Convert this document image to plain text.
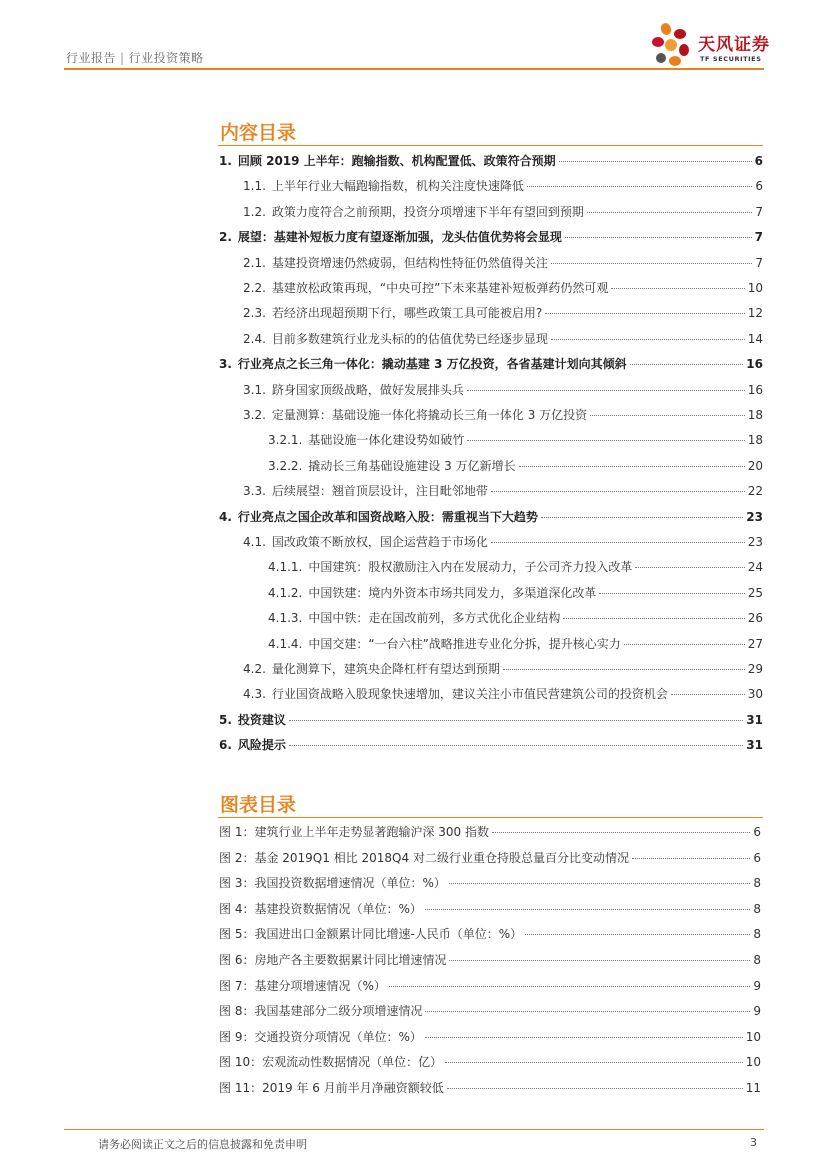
行业报告 | 行业投资策略
天风证券
TF SECURITIES
内容目录
1. 回顾 2019 上半年：跑输指数、机构配置低、政策符合预期	6
1.1. 上半年行业大幅跑输指数，机构关注度快速降低	6
1.2. 政策力度符合之前预期，投资分项增速下半年有望回到预期	7
2. 展望：基建补短板力度有望逐渐加强，龙头估值优势将会显现	7
2.1. 基建投资增速仍然疲弱，但结构性特征仍然值得关注	7
2.2. 基建放松政策再现，“中央可控”下未来基建补短板弹药仍然可观	10
2.3. 若经济出现超预期下行，哪些政策工具可能被启用?	12
2.4. 目前多数建筑行业龙头标的的估值优势已经逐步显现	14
3. 行业亮点之长三角一体化：撬动基建 3 万亿投资，各省基建计划向其倾斜	16
3.1. 跻身国家顶级战略，做好发展排头兵	16
3.2. 定量测算：基础设施一体化将撬动长三角一体化 3 万亿投资	18
3.2.1. 基础设施一体化建设势如破竹	18
3.2.2. 撬动长三角基础设施建设 3 万亿新增长	20
3.3. 后续展望：翘首顶层设计，注目毗邻地带	22
4. 行业亮点之国企改革和国资战略入股：需重视当下大趋势	23
4.1. 国改政策不断放权，国企运营趋于市场化	23
4.1.1. 中国建筑：股权激励注入内在发展动力，子公司齐力投入改革	24
4.1.2. 中国铁建：境内外资本市场共同发力，多渠道深化改革	25
4.1.3. 中国中铁：走在国改前列，多方式优化企业结构	26
4.1.4. 中国交建：“一台六柱”战略推进专业化分拆，提升核心实力	27
4.2. 量化测算下，建筑央企降杠杆有望达到预期	29
4.3. 行业国资战略入股现象快速增加，建议关注小市值民营建筑公司的投资机会	30
5. 投资建议	31
6. 风险提示	31
图表目录
图 1： 建筑行业上半年走势显著跑输沪深 300 指数	6
图 2： 基金 2019Q1 相比 2018Q4 对二级行业重仓持股总量百分比变动情况	6
图 3： 我国投资数据增速情况（单位：%）	8
图 4： 基建投资数据情况（单位：%）	8
图 5： 我国进出口金额累计同比增速-人民币（单位：%）	8
图 6： 房地产各主要数据累计同比增速情况	8
图 7： 基建分项增速情况（%）	9
图 8： 我国基建部分二级分项增速情况	9
图 9： 交通投资分项情况（单位：%）	10
图 10： 宏观流动性数据情况（单位：亿）	10
图 11： 2019 年 6 月前半月净融资额较低	11
请务必阅读正文之后的信息披露和免责申明	3
